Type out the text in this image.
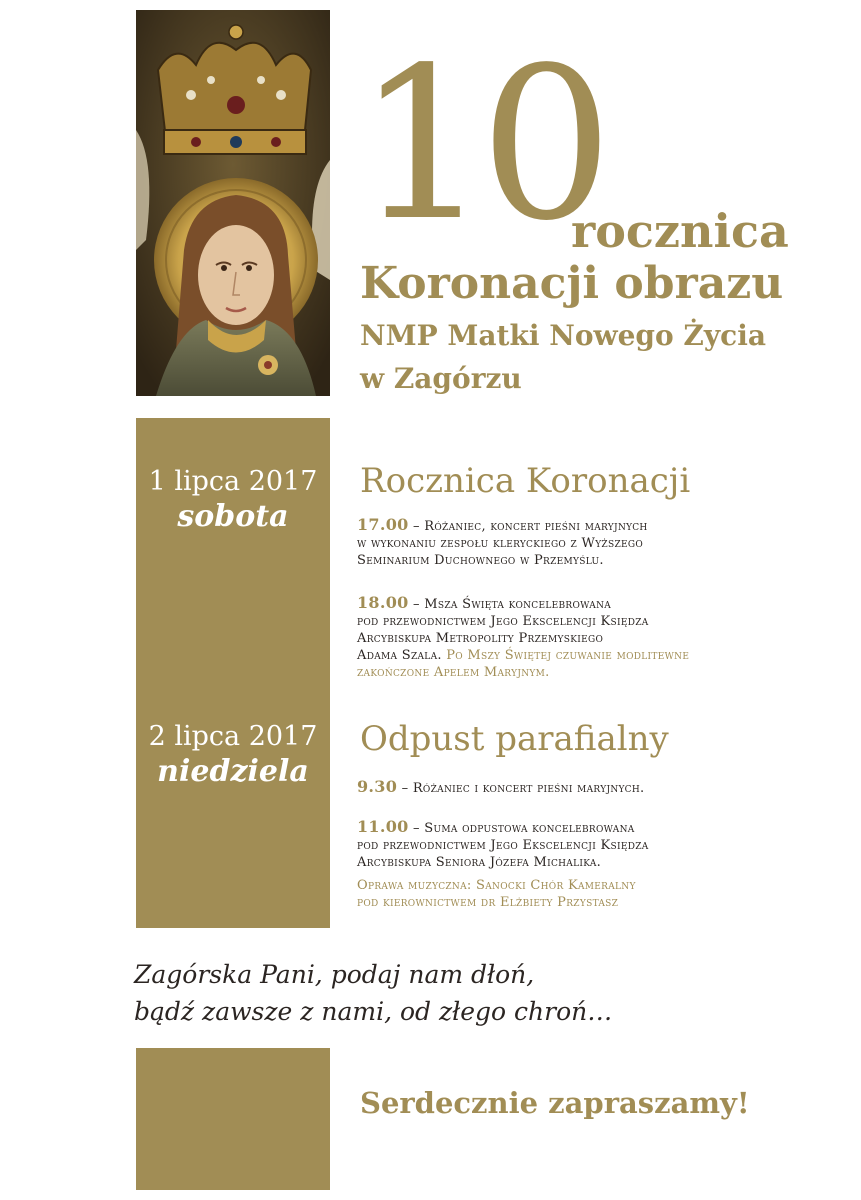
10
rocznica
Koronacji obrazu
NMP Matki Nowego Życia
w Zagórzu
1 lipca 2017
sobota
2 lipca 2017
niedziela
Rocznica Koronacji
Odpust parafialny
17.00 – Różaniec, koncert pieśni maryjnych
w wykonaniu zespołu kleryckiego z Wyższego
Seminarium Duchownego w Przemyślu.
18.00 – Msza Święta koncelebrowana
pod przewodnictwem Jego Ekscelencji Księdza
Arcybiskupa Metropolity Przemyskiego
Adama Szala. Po Mszy Świętej czuwanie modlitewne
zakończone Apelem Maryjnym.
9.30 – Różaniec i koncert pieśni maryjnych.
11.00 – Suma odpustowa koncelebrowana
pod przewodnictwem Jego Ekscelencji Księdza
Arcybiskupa Seniora Józefa Michalika.
Oprawa muzyczna: Sanocki Chór Kameralny
pod kierownictwem dr Elżbiety Przystasz
Zagórska Pani, podaj nam dłoń,
bądź zawsze z nami, od złego chroń…
Serdecznie zapraszamy!
